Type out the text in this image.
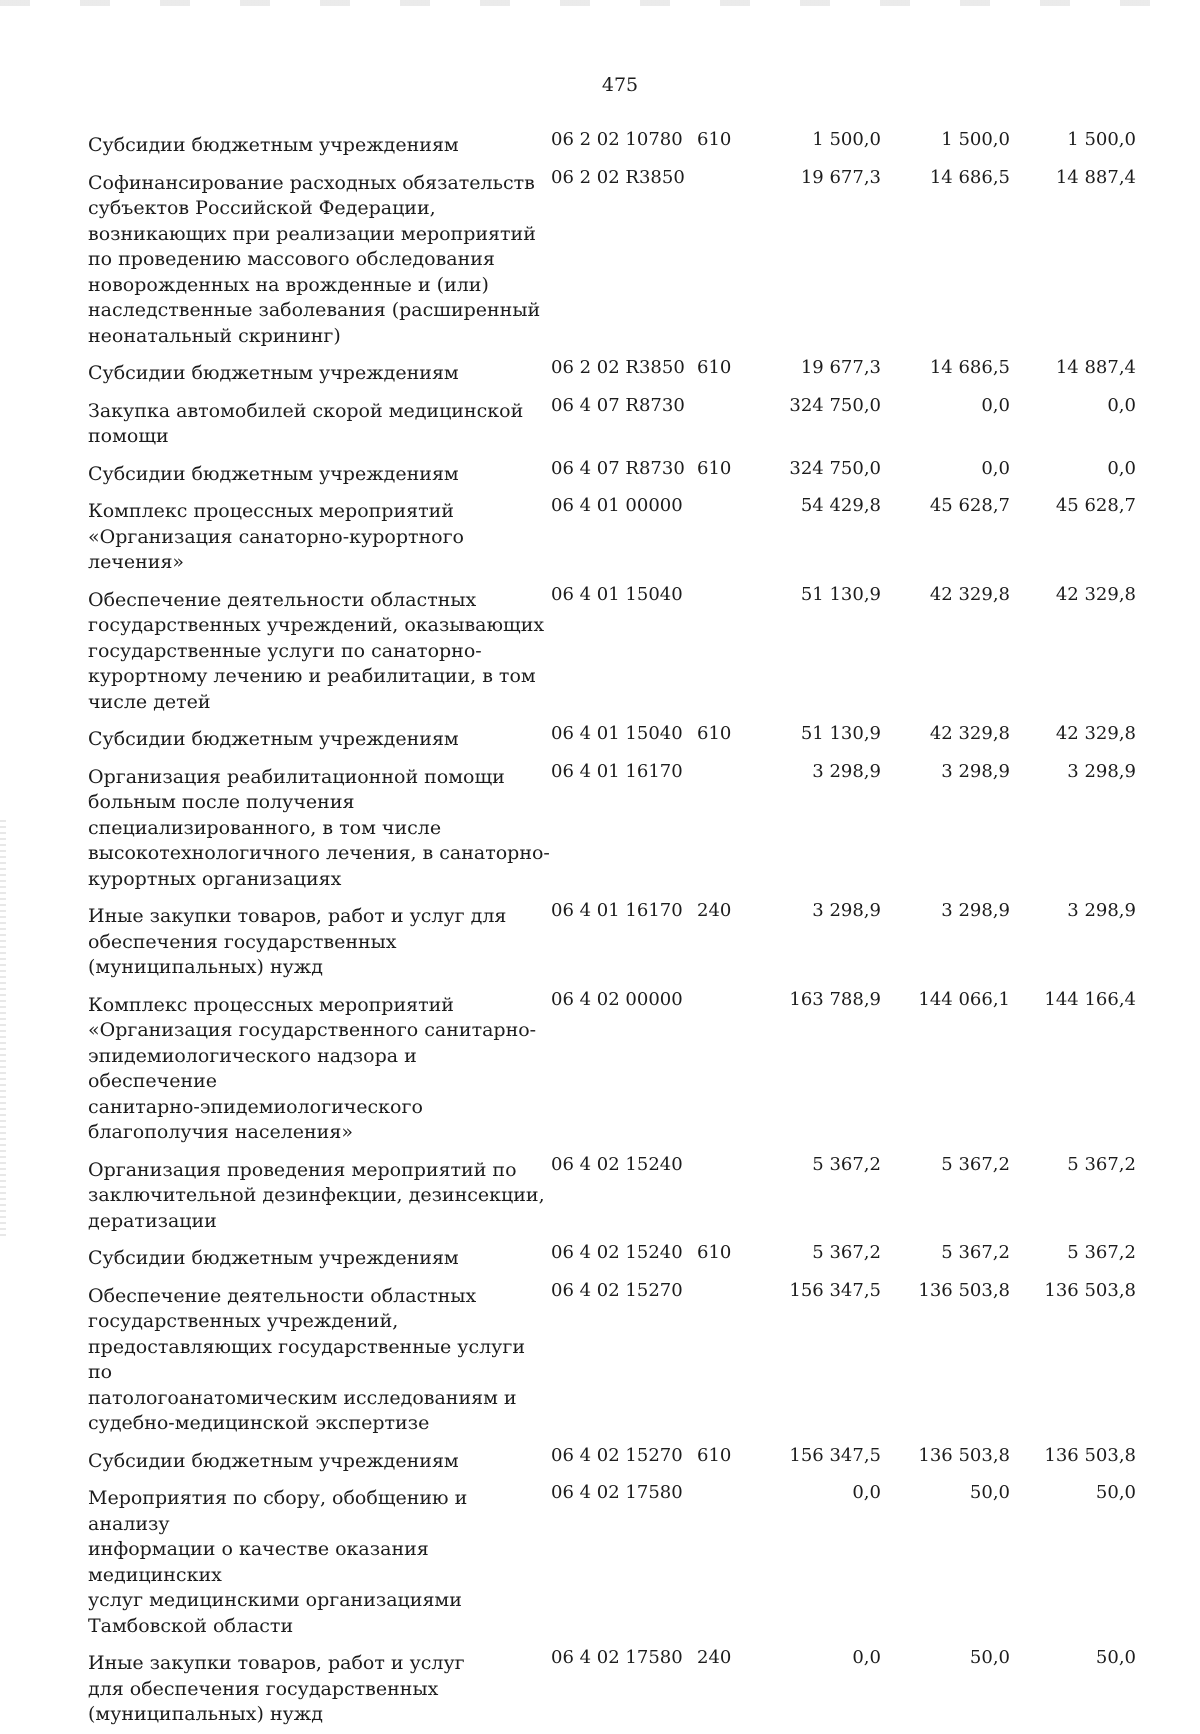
475
Субсидии бюджетным учреждениям	06 2 02 10780 610	1 500,0	1 500,0	1 500,0
Софинансирование расходных обязательств
субъектов Российской Федерации,
возникающих при реализации мероприятий
по проведению массового обследования
новорожденных на врожденные и (или)
наследственные заболевания (расширенный
неонатальный скрининг)
06 2 02 R3850	19 677,3	14 686,5	14 887,4
Субсидии бюджетным учреждениям	06 2 02 R3850 610	19 677,3	14 686,5	14 887,4
Закупка автомобилей скорой медицинской
помощи
06 4 07 R8730	324 750,0	0,0	0,0
Субсидии бюджетным учреждениям	06 4 07 R8730 610	324 750,0	0,0	0,0
Комплекс процессных мероприятий
«Организация санаторно-курортного лечения»
06 4 01 00000	54 429,8	45 628,7	45 628,7
Обеспечение деятельности областных
государственных учреждений, оказывающих
государственные услуги по санаторно-
курортному лечению и реабилитации, в том
числе детей
06 4 01 15040	51 130,9	42 329,8	42 329,8
Субсидии бюджетным учреждениям	06 4 01 15040 610	51 130,9	42 329,8	42 329,8
Организация реабилитационной помощи
больным после получения
специализированного, в том числе
высокотехнологичного лечения, в санаторно-
курортных организациях
06 4 01 16170	3 298,9	3 298,9	3 298,9
Иные закупки товаров, работ и услуг для
обеспечения государственных
(муниципальных) нужд
06 4 01 16170 240	3 298,9	3 298,9	3 298,9
Комплекс процессных мероприятий
«Организация государственного санитарно-
эпидемиологического надзора и обеспечение
санитарно-эпидемиологического
благополучия населения»
06 4 02 00000	163 788,9	144 066,1	144 166,4
Организация проведения мероприятий по
заключительной дезинфекции, дезинсекции,
дератизации
06 4 02 15240	5 367,2	5 367,2	5 367,2
Субсидии бюджетным учреждениям	06 4 02 15240 610	5 367,2	5 367,2	5 367,2
Обеспечение деятельности областных
государственных учреждений,
предоставляющих государственные услуги по
патологоанатомическим исследованиям и
судебно-медицинской экспертизе
06 4 02 15270	156 347,5	136 503,8	136 503,8
Субсидии бюджетным учреждениям	06 4 02 15270 610	156 347,5	136 503,8	136 503,8
Мероприятия по сбору, обобщению и анализу
информации о качестве оказания медицинских
услуг медицинскими организациями
Тамбовской области
06 4 02 17580	0,0	50,0	50,0
Иные закупки товаров, работ и услуг
для обеспечения государственных
(муниципальных) нужд
06 4 02 17580 240	0,0	50,0	50,0
